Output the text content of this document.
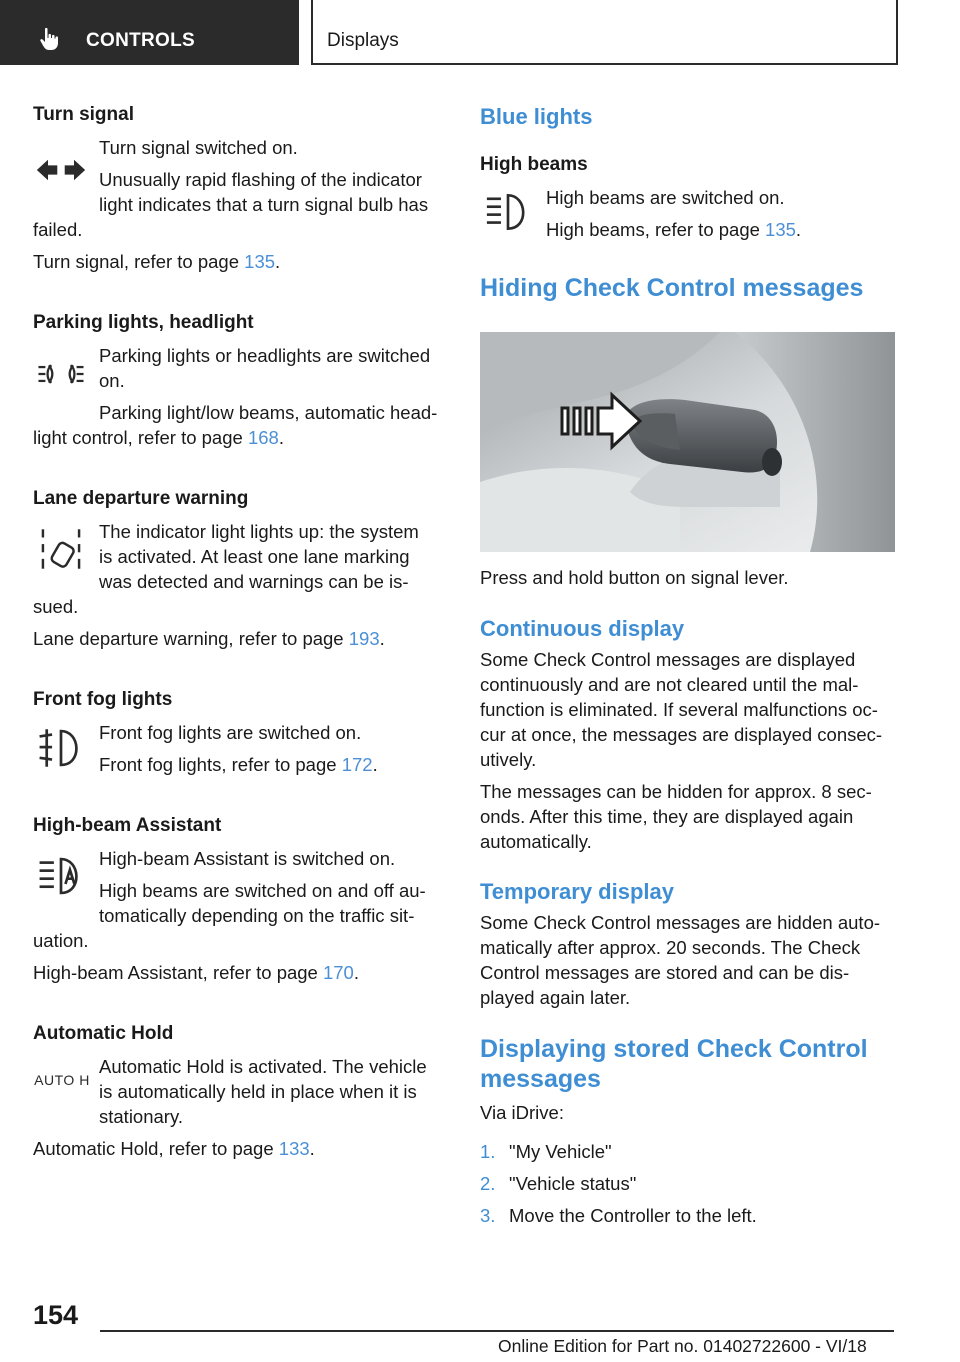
CONTROLS	Displays
Turn signal

Turn signal switched on.

Unusually rapid flashing of the indicator

light indicates that a turn signal bulb has

failed.

Turn signal, refer to page 135.

Parking lights, headlight

Parking lights or headlights are switched

on.

Parking light/low beams, automatic head‐

light control, refer to page 168.

Lane departure warning

The indicator light lights up: the system

is activated. At least one lane marking

was detected and warnings can be is‐

sued.

Lane departure warning, refer to page 193.

Front fog lights

Front fog lights are switched on.

Front fog lights, refer to page 172.

High-beam Assistant

High-beam Assistant is switched on.

High beams are switched on and off au‐

tomatically depending on the traffic sit‐

uation.

High-beam Assistant, refer to page 170.

Automatic Hold
AUTO H

Automatic Hold is activated. The vehicle

is automatically held in place when it is

stationary.

Automatic Hold, refer to page 133.

Blue lights
High beams

High beams are switched on.

High beams, refer to page 135.

Hiding Check Control messages

Press and hold button on signal lever.

Continuous display

Some Check Control messages are displayed

continuously and are not cleared until the mal‐

function is eliminated. If several malfunctions oc‐

cur at once, the messages are displayed consec‐

utively.

The messages can be hidden for approx. 8 sec‐

onds. After this time, they are displayed again

automatically.

Temporary display

Some Check Control messages are hidden auto‐

matically after approx. 20 seconds. The Check

Control messages are stored and can be dis‐

played again later.

Displaying stored Check Control
messages

Via iDrive:

1. "My Vehicle"
2. "Vehicle status"
3. Move the Controller to the left.
154
Online Edition for Part no. 01402722600 - VI/18
